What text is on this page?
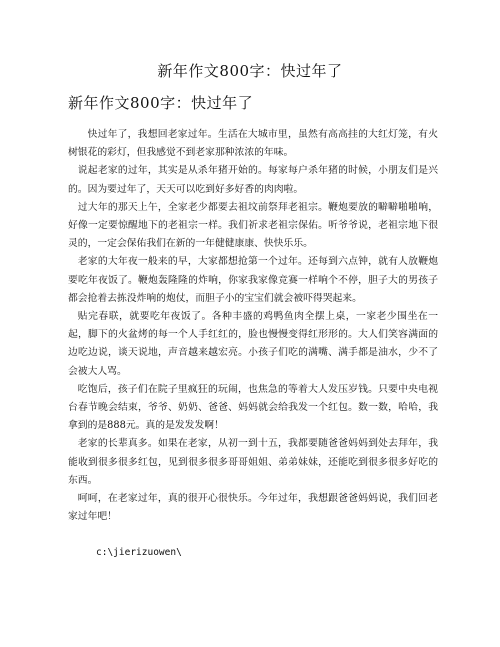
新年作文800字：快过年了
新年作文800字：快过年了

快过年了，我想回老家过年。生活在大城市里，虽然有高高挂的大红灯笼，有火树银花的彩灯，但我感觉不到老家那种浓浓的年味。

说起老家的过年，其实是从杀年猪开始的。每家每户杀年猪的时候，小朋友们是兴的。因为要过年了，天天可以吃到好多好香的肉肉啦。

过大年的那天上午，全家老少都要去祖坟前祭拜老祖宗。鞭炮要放的噼噼啪啪响，好像一定要惊醒地下的老祖宗一样。我们祈求老祖宗保佑。听爷爷说，老祖宗地下很灵的，一定会保佑我们在新的一年健健康康、快快乐乐。

老家的大年夜一般来的早，大家都想抢第一个过年。还每到六点钟，就有人放鞭炮要吃年夜饭了。鞭炮轰隆隆的炸响，你家我家像竞赛一样响个不停，胆子大的男孩子都会抢着去拣没炸响的炮仗，而胆子小的宝宝们就会被吓得哭起来。

贴完春联，就要吃年夜饭了。各种丰盛的鸡鸭鱼肉全摆上桌，一家老少围坐在一起，脚下的火盆烤的每一个人手红红的，脸也慢慢变得红形形的。大人们笑容满面的边吃边说，谈天说地，声音越来越宏亮。小孩子们吃的满嘴、满手都是油水，少不了会被大人骂。

吃饱后，孩子们在院子里疯狂的玩闹，也焦急的等着大人发压岁钱。只要中央电视台春节晚会结束，爷爷、奶奶、爸爸、妈妈就会给我发一个红包。数一数，哈哈，我拿到的是888元。真的是发发发啊！

老家的长辈真多。如果在老家，从初一到十五，我都要随爸爸妈妈到处去拜年，我能收到很多很多红包，见到很多很多哥哥姐姐、弟弟妹妹，还能吃到很多很多好吃的东西。

呵呵，在老家过年，真的很开心很快乐。今年过年，我想跟爸爸妈妈说，我们回老家过年吧！

c:\jierizuowen\
